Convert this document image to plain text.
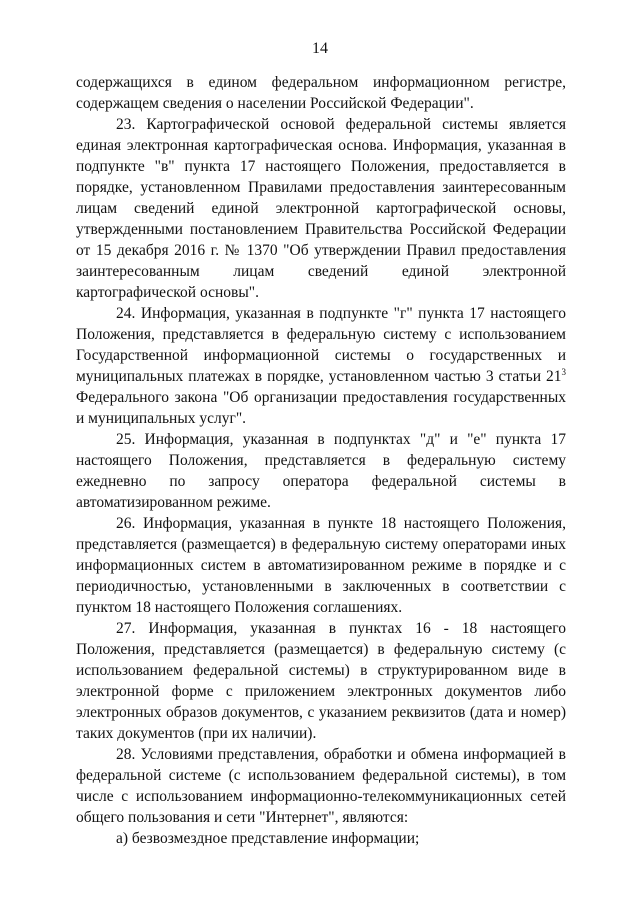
14

содержащихся в едином федеральном информационном регистре, содержащем сведения о населении Российской Федерации".

23. Картографической основой федеральной системы является единая электронная картографическая основа. Информация, указанная в подпункте "в" пункта 17 настоящего Положения, предоставляется в порядке, установленном Правилами предоставления заинтересованным лицам сведений единой электронной картографической основы, утвержденными постановлением Правительства Российской Федерации от 15 декабря 2016 г. № 1370 "Об утверждении Правил предоставления заинтересованным лицам сведений единой электронной картографической основы".

24. Информация, указанная в подпункте "г" пункта 17 настоящего Положения, представляется в федеральную систему с использованием Государственной информационной системы о государственных и муниципальных платежах в порядке, установленном частью 3 статьи $21^3$ Федерального закона "Об организации предоставления государственных и муниципальных услуг".

25. Информация, указанная в подпунктах "д" и "е" пункта 17 настоящего Положения, представляется в федеральную систему ежедневно по запросу оператора федеральной системы в автоматизированном режиме.

26. Информация, указанная в пункте 18 настоящего Положения, представляется (размещается) в федеральную систему операторами иных информационных систем в автоматизированном режиме в порядке и с периодичностью, установленными в заключенных в соответствии с пунктом 18 настоящего Положения соглашениях.

27. Информация, указанная в пунктах 16 - 18 настоящего Положения, представляется (размещается) в федеральную систему (с использованием федеральной системы) в структурированном виде в электронной форме с приложением электронных документов либо электронных образов документов, с указанием реквизитов (дата и номер) таких документов (при их наличии).

28. Условиями представления, обработки и обмена информацией в федеральной системе (с использованием федеральной системы), в том числе с использованием информационно-телекоммуникационных сетей общего пользования и сети "Интернет", являются:

а) безвозмездное представление информации;
